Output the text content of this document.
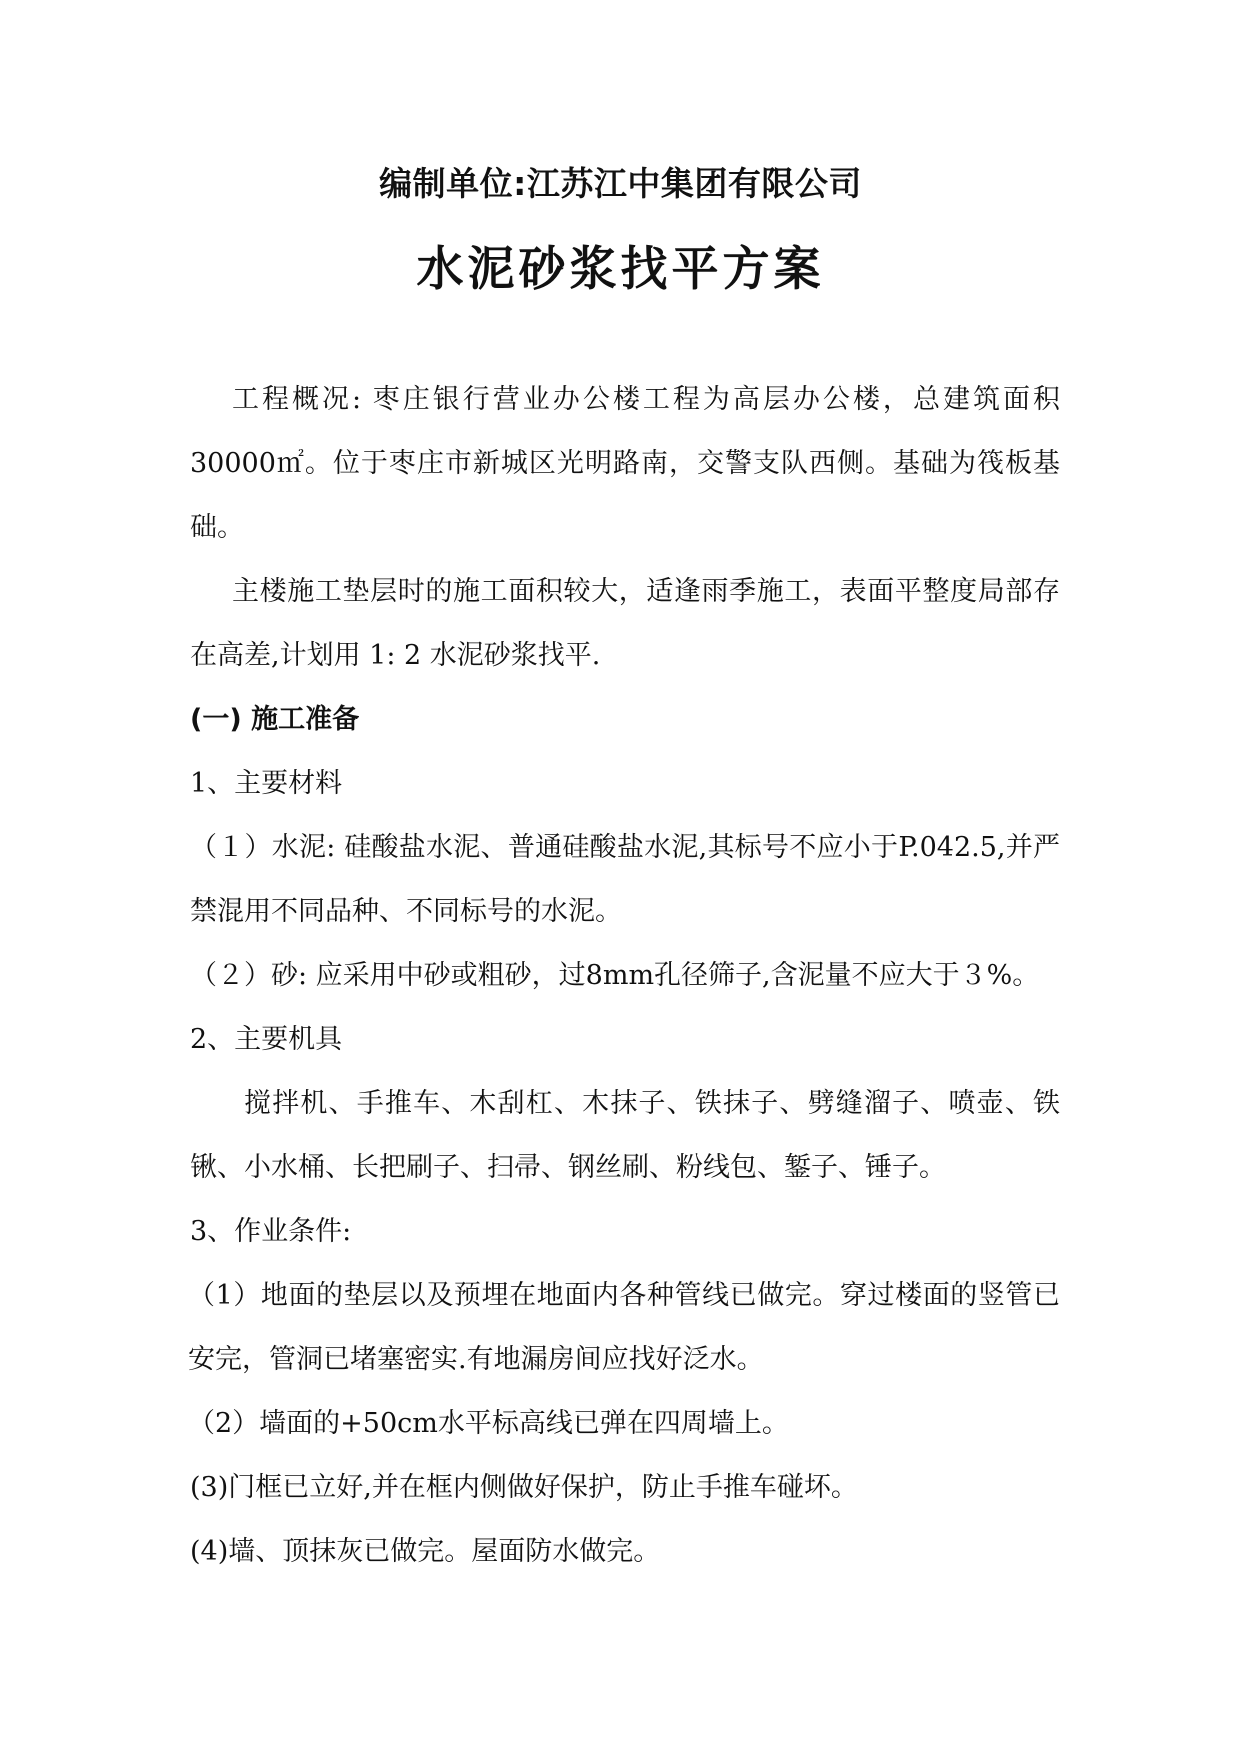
编制单位:江苏江中集团有限公司
水泥砂浆找平方案

工程概况: 枣庄银行营业办公楼工程为高层办公楼，总建筑面积30000㎡。位于枣庄市新城区光明路南，交警支队西侧。基础为筏板基础。

主楼施工垫层时的施工面积较大，适逢雨季施工，表面平整度局部存在高差,计划用 1: 2 水泥砂浆找平.

(一) 施工准备

1、主要材料

（１）水泥: 硅酸盐水泥、普通硅酸盐水泥,其标号不应小于P.042.5,并严禁混用不同品种、不同标号的水泥。

（２）砂: 应采用中砂或粗砂，过8mm孔径筛子,含泥量不应大于３%。

2、主要机具

搅拌机、手推车、木刮杠、木抹子、铁抹子、劈缝溜子、喷壶、铁锹、小水桶、长把刷子、扫帚、钢丝刷、粉线包、錾子、锤子。

3、作业条件:

（1）地面的垫层以及预埋在地面内各种管线已做完。穿过楼面的竖管已安完，管洞已堵塞密实.有地漏房间应找好泛水。

（2）墙面的+50cm水平标高线已弹在四周墙上。

(3)门框已立好,并在框内侧做好保护，防止手推车碰坏。

(4)墙、顶抹灰已做完。屋面防水做完。
